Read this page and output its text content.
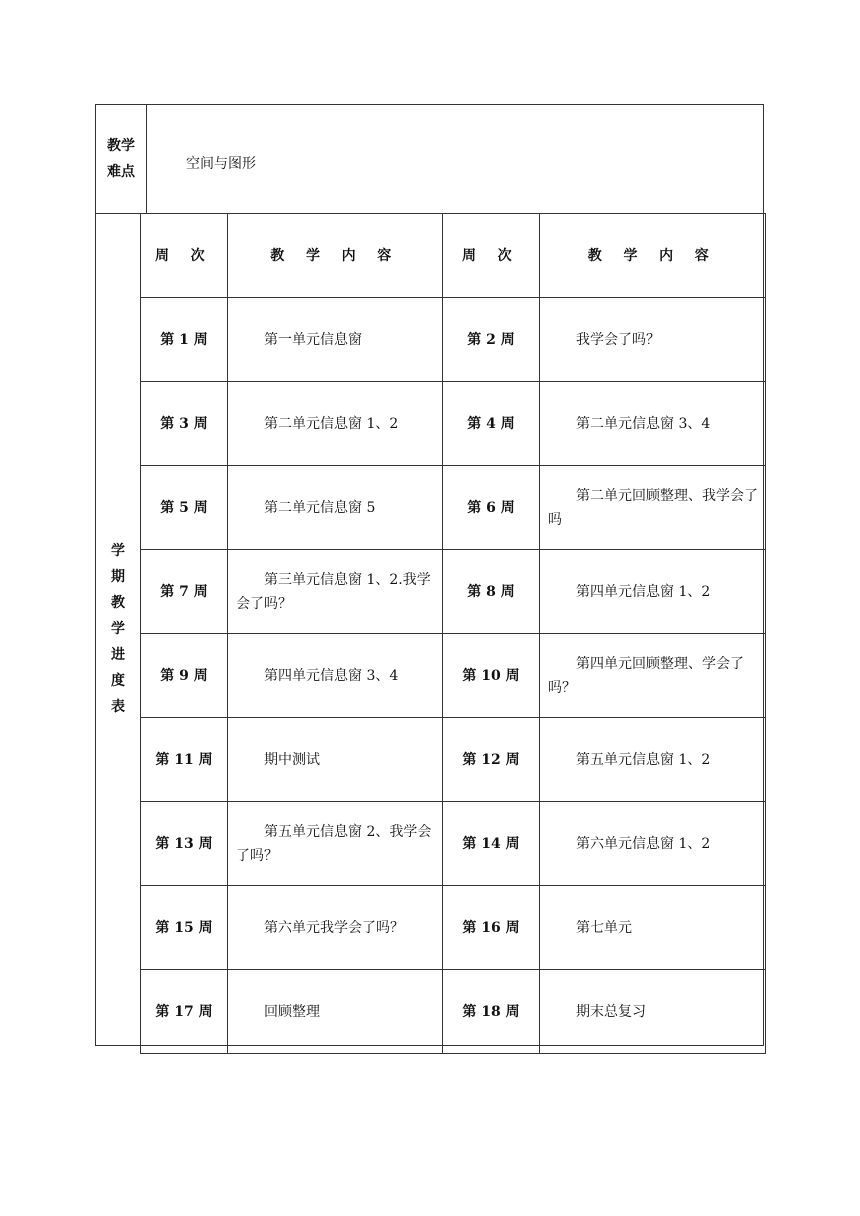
教学
难点	空间与图形
学
期
教
学
进
度
表
周 次	教 学 内 容	周 次	教 学 内 容
第 1 周	第一单元信息窗	第 2 周	我学会了吗？
第 3 周	第二单元信息窗 1、2	第 4 周	第二单元信息窗 3、4
第 5 周	第二单元信息窗 5	第 6 周	第二单元回顾整理、我学会了吗
第 7 周	第三单元信息窗 1、2.我学会了吗？	第 8 周	第四单元信息窗 1、2
第 9 周	第四单元信息窗 3、4	第 10 周	第四单元回顾整理、学会了吗？
第 11 周	期中测试	第 12 周	第五单元信息窗 1、2
第 13 周	第五单元信息窗 2、我学会了吗？	第 14 周	第六单元信息窗 1、2
第 15 周	第六单元我学会了吗？	第 16 周	第七单元
第 17 周	回顾整理	第 18 周	期末总复习
